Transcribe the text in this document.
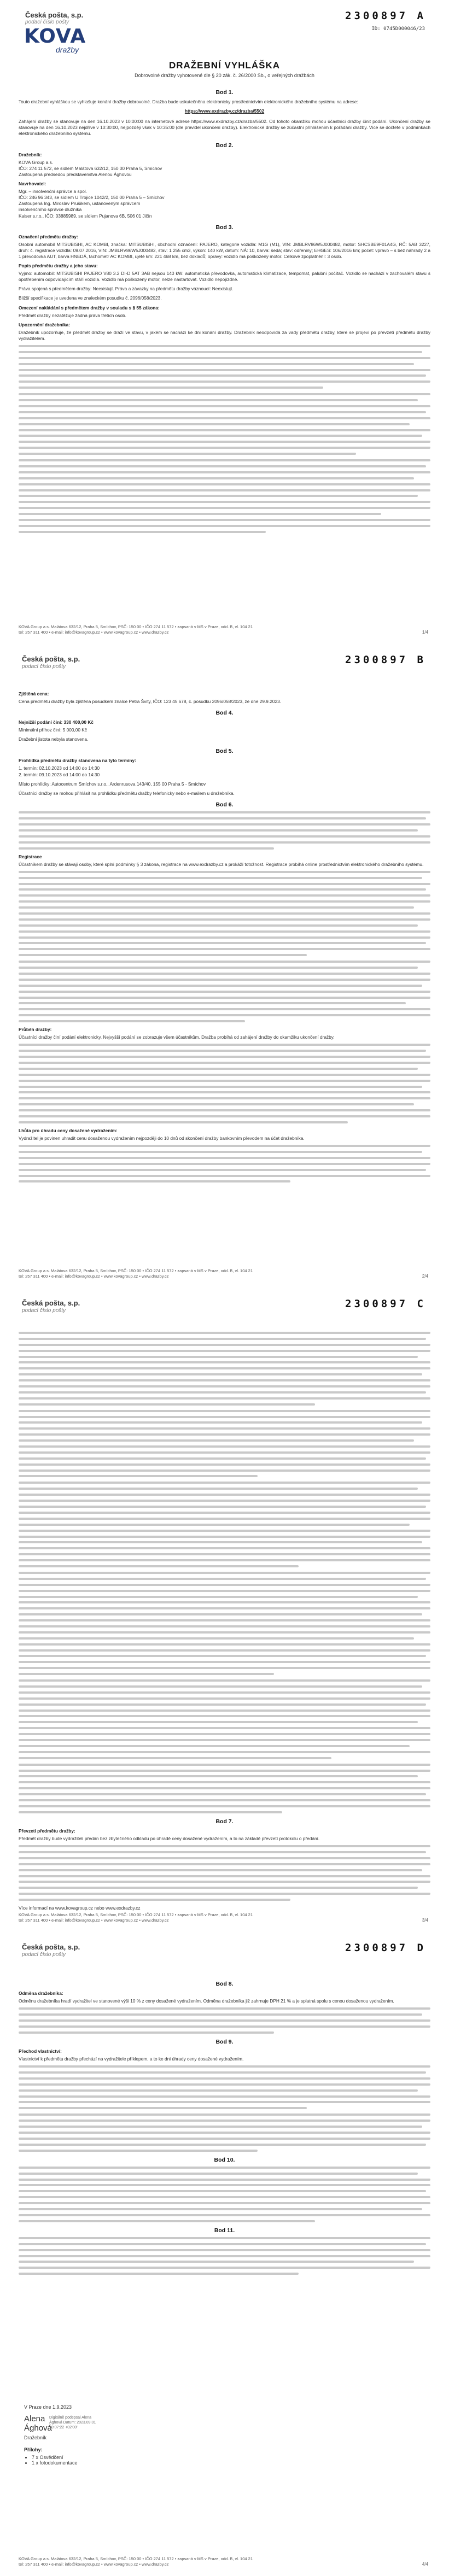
Česká pošta, s.p.
podací číslo pošty
KOVA
dražby
2300897 A
ID: 0745D000046/23
DRAŽEBNÍ VYHLÁŠKA
Dobrovolné dražby vyhotovené dle § 20 zák. č. 26/2000 Sb., o veřejných dražbách
Bod 1.

Touto dražební vyhláškou se vyhlašuje konání dražby dobrovolné. Dražba bude uskutečněna elektronicky prostřednictvím elektronického dražebního systému na adrese:

https://www.exdrazby.cz/drazba/5502

Zahájení dražby se stanovuje na den 16.10.2023 v 10:00:00 na internetové adrese https://www.exdrazby.cz/drazba/5502. Od tohoto okamžiku mohou účastníci dražby činit podání. Ukončení dražby se stanovuje na den 16.10.2023 nejdříve v 10:30:00, nejpozději však v 10:35:00 (dle pravidel ukončení dražby). Elektronické dražby se zúčastní přihlášením k pořádání dražby. Více se dočtete v podmínkách elektronického dražebního systému.

Bod 2.
Dražebník:

KOVA Group a.s.
IČO: 274 11 572, se sídlem Malátova 632/12, 150 00 Praha 5, Smíchov
Zastoupená předsedou představenstva Alenou Ághovou

Navrhovatel:

Mgr. – insolvenční správce a spol.
IČO: 246 96 343, se sídlem U Trojice 1042/2, 150 00 Praha 5 – Smíchov
Zastoupená Ing. Miroslav Prušikem, ustanoveným správcem
insolvenčního správce dlužníka
Kaiser s.r.o., IČO: 03885989, se sídlem Pujanova 6B, 506 01 Jičín

Bod 3.
Označení předmětu dražby:

Osobní automobil MITSUBISHI, AC KOMBI, značka: MITSUBISHI, obchodní označení: PAJERO, kategorie vozidla: M1G (M1), VIN: JMBLRV86W5J000482, motor: SHCSBE9F01A4G, RČ: 5AB 3227, druh: č. registrace vozidla: 09.07.2016, VIN: JMBLRV86W5J000482, stav: 1 255 cm3, výkon: 140 kW, datum: NÁ: 10, barva: šedá; stav: odřeniny; EHGES: 106/2016 km; počet: vpravo – s bez náhrady 2 a 1 převodovka AUT, barva HNEDÁ, tachometr AC KOMBI, ujeté km: 221 468 km, bez dokladů; opravy: vozidlo má poškozený motor. Celkové zpoplatnění: 3 osob.

Popis předmětu dražby a jeho stavu:

Vyjmo: automobil: MITSUBISHI PAJERO V80 3.2 DI-D 5AT 3AB nejsou 140 kW: automatická převodovka, automatická klimatizace, tempomat, palubní počítač. Vozidlo se nachází v zachovalém stavu s opotřebením odpovídajícím stáří vozidla. Vozidlo má poškozený motor, nelze nastartovat. Vozidlo nepojízdné.

Práva spojená s předmětem dražby: Neexistují. Práva a závazky na předmětu dražby váznoucí: Neexistují.

Bližší specifikace je uvedena ve znaleckém posudku č. 2096/058/2023.

Omezení nakládání s předmětem dražby v souladu s § 55 zákona:

Předmět dražby nezatěžuje žádná práva třetích osob.

Upozornění dražebníka:

Dražebník upozorňuje, že předmět dražby se draží ve stavu, v jakém se nachází ke dni konání dražby. Dražebník neodpovídá za vady předmětu dražby, které se projeví po převzetí předmětu dražby vydražitelem.

KOVA Group a.s. Malátova 632/12, Praha 5, Smíchov, PSČ: 150 00 • IČO 274 11 572 • zapsaná v MS v Praze, odd. B, vl. 104 21
tel: 257 311 400 • e-mail: info@kovagroup.cz • www.kovagroup.cz • www.drazby.cz	1/4
Česká pošta, s.p.
podací číslo pošty
2300897 B
Zjištěná cena:

Cena předmětu dražby byla zjištěna posudkem znalce Petra Švity, IČO: 123 45 678, č. posudku 2096/058/2023, ze dne 29.9.2023.

Bod 4.
Nejnižší podání činí: 330 400,00 Kč

Minimální příhoz činí: 5 000,00 Kč

Dražební jistota nebyla stanovena.

Bod 5.
Prohlídka předmětu dražby stanovena na tyto termíny:

1. termín: 02.10.2023 od 14:00 do 14:30

2. termín: 09.10.2023 od 14:00 do 14:30

Místo prohlídky: Autocentrum Smíchov s.r.o., Ardenrusova 143/40, 155 00 Praha 5 - Smíchov

Účastníci dražby se mohou přihlásit na prohlídku předmětu dražby telefonicky nebo e-mailem u dražebníka.

Bod 6.
Registrace

Účastníkem dražby se stávají osoby, které splní podmínky § 3 zákona, registrace na www.exdrazby.cz a prokáží totožnost. Registrace probíhá online prostřednictvím elektronického dražebního systému.

Průběh dražby:

Účastníci dražby činí podání elektronicky. Nejvyšší podání se zobrazuje všem účastníkům. Dražba probíhá od zahájení dražby do okamžiku ukončení dražby.

Lhůta pro úhradu ceny dosažené vydražením:

Vydražitel je povinen uhradit cenu dosaženou vydražením nejpozději do 10 dnů od skončení dražby bankovním převodem na účet dražebníka.

KOVA Group a.s. Malátova 632/12, Praha 5, Smíchov, PSČ: 150 00 • IČO 274 11 572 • zapsaná v MS v Praze, odd. B, vl. 104 21
tel: 257 311 400 • e-mail: info@kovagroup.cz • www.kovagroup.cz • www.drazby.cz	2/4
Česká pošta, s.p.
podací číslo pošty
2300897 C
Bod 7.
Převzetí předmětu dražby:

Předmět dražby bude vydražiteli předán bez zbytečného odkladu po úhradě ceny dosažené vydražením, a to na základě převzetí protokolu o předání.

Více informací na www.kovagroup.cz nebo www.exdrazby.cz

KOVA Group a.s. Malátova 632/12, Praha 5, Smíchov, PSČ: 150 00 • IČO 274 11 572 • zapsaná v MS v Praze, odd. B, vl. 104 21
tel: 257 311 400 • e-mail: info@kovagroup.cz • www.kovagroup.cz • www.drazby.cz	3/4
Česká pošta, s.p.
podací číslo pošty
2300897 D
Bod 8.
Odměna dražebníka:

Odměnu dražebníka hradí vydražitel ve stanovené výši 10 % z ceny dosažené vydražením. Odměna dražebníka již zahrnuje DPH 21 % a je splatná spolu s cenou dosaženou vydražením.

Bod 9.
Přechod vlastnictví:

Vlastnictví k předmětu dražby přechází na vydražitele příklepem, a to ke dni úhrady ceny dosažené vydražením.

Bod 10.
Bod 11.
V Praze dne 1.9.2023
Alena
Ághová
Digitálně podepsal Alena Ághová Datum: 2023.09.01 10:07:22 +02'00'
Dražebník
Přílohy:
• 7 x Osvědčení
• 1 x fotodokumentace
KOVA Group a.s. Malátova 632/12, Praha 5, Smíchov, PSČ: 150 00 • IČO 274 11 572 • zapsaná v MS v Praze, odd. B, vl. 104 21
tel: 257 311 400 • e-mail: info@kovagroup.cz • www.kovagroup.cz • www.drazby.cz	4/4
